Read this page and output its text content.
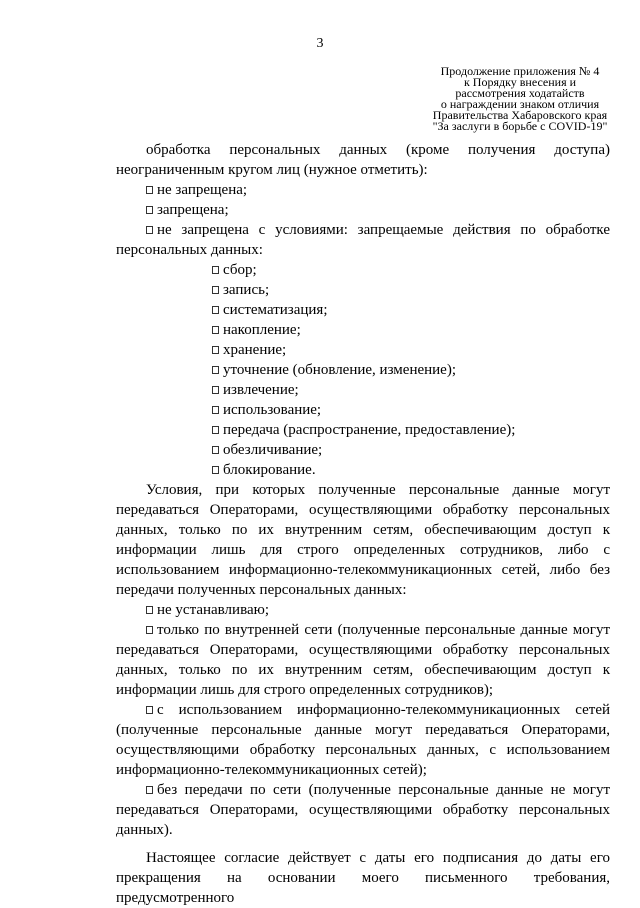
3
Продолжение приложения № 4
к Порядку внесения и
рассмотрения ходатайств
о награждении знаком отличия
Правительства Хабаровского края
"За заслуги в борьбе с COVID-19"

обработка персональных данных (кроме получения доступа) неограниченным кругом лиц (нужное отметить):

не запрещена;

запрещена;

не запрещена с условиями: запрещаемые действия по обработке персональных данных:

сбор;

запись;

систематизация;

накопление;

хранение;

уточнение (обновление, изменение);

извлечение;

использование;

передача (распространение, предоставление);

обезличивание;

блокирование.

Условия, при которых полученные персональные данные могут передаваться Операторами, осуществляющими обработку персональных данных, только по их внутренним сетям, обеспечивающим доступ к информации лишь для строго определенных сотрудников, либо с использованием информационно-телекоммуникационных сетей, либо без передачи полученных персональных данных:

не устанавливаю;

только по внутренней сети (полученные персональные данные могут передаваться Операторами, осуществляющими обработку персональных данных, только по их внутренним сетям, обеспечивающим доступ к информации лишь для строго определенных сотрудников);

с использованием информационно-телекоммуникационных сетей (полученные персональные данные могут передаваться Операторами, осуществляющими обработку персональных данных, с использованием информационно-телекоммуникационных сетей);

без передачи по сети (полученные персональные данные не могут передаваться Операторами, осуществляющими обработку персональных данных).

Настоящее согласие действует с даты его подписания до даты его прекращения на основании моего письменного требования, предусмотренного
